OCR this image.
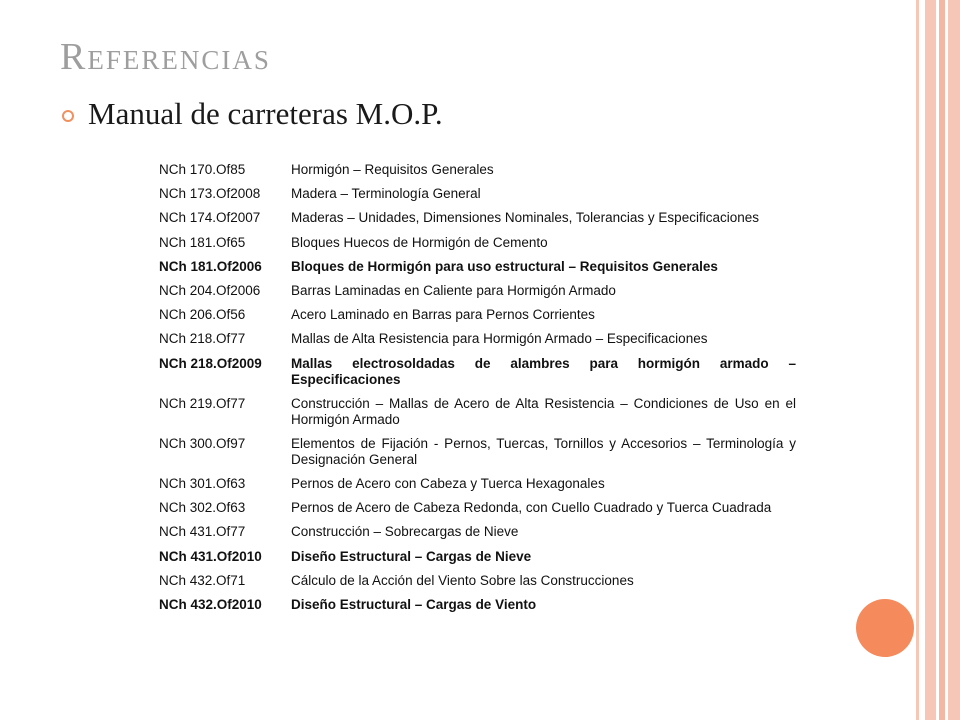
Referencias
Manual de carreteras M.O.P.
NCh 170.Of85	Hormigón – Requisitos Generales
NCh 173.Of2008	Madera – Terminología General
NCh 174.Of2007	Maderas – Unidades, Dimensiones Nominales, Tolerancias y Especificaciones
NCh 181.Of65	Bloques Huecos de Hormigón de Cemento
NCh 181.Of2006	Bloques de Hormigón para uso estructural – Requisitos Generales
NCh 204.Of2006	Barras Laminadas en Caliente para Hormigón Armado
NCh 206.Of56	Acero Laminado en Barras para Pernos Corrientes
NCh 218.Of77	Mallas de Alta Resistencia para Hormigón Armado – Especificaciones
NCh 218.Of2009	Mallas electrosoldadas de alambres para hormigón armado – Especificaciones
NCh 219.Of77	Construcción – Mallas de Acero de Alta Resistencia – Condiciones de Uso en el Hormigón Armado
NCh 300.Of97	Elementos de Fijación - Pernos, Tuercas, Tornillos y Accesorios – Terminología y Designación General
NCh 301.Of63	Pernos de Acero con Cabeza y Tuerca Hexagonales
NCh 302.Of63	Pernos de Acero de Cabeza Redonda, con Cuello Cuadrado y Tuerca Cuadrada
NCh 431.Of77	Construcción – Sobrecargas de Nieve
NCh 431.Of2010	Diseño Estructural – Cargas de Nieve
NCh 432.Of71	Cálculo de la Acción del Viento Sobre las Construcciones
NCh 432.Of2010	Diseño Estructural – Cargas de Viento
